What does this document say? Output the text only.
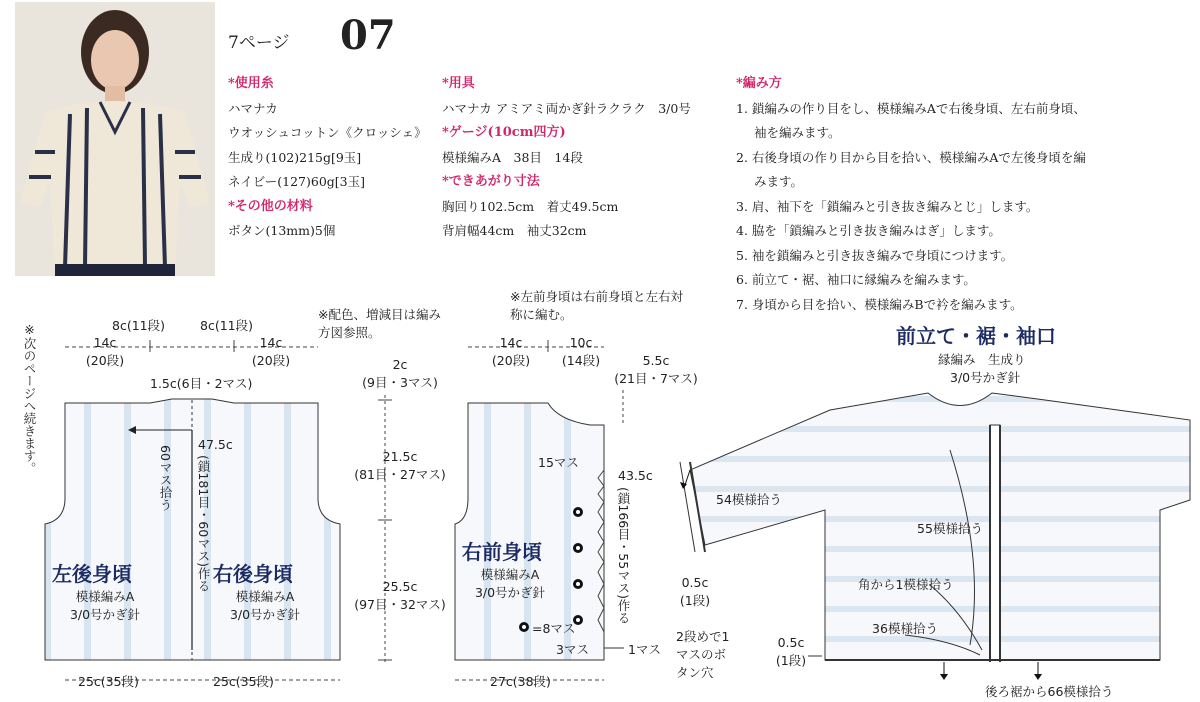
7ページ 07
*使用糸
ハマナカ
ウオッシュコットン《クロッシェ》
生成り(102)215g[9玉]
ネイビー(127)60g[3玉]
*その他の材料
ボタン(13mm)5個
*用具
ハマナカ アミアミ両かぎ針ラクラク　3/0号
*ゲージ(10cm四方)
模様編みA　38目　14段
*できあがり寸法
胸回り102.5cm　着丈49.5cm
背肩幅44cm　袖丈32cm
*編み方
1. 鎖編みの作り目をし、模様編みAで右後身頃、左右前身頃、袖を編みます。
2. 右後身頃の作り目から目を拾い、模様編みAで左後身頃を編みます。
3. 肩、袖下を「鎖編みと引き抜き編みとじ」します。
4. 脇を「鎖編みと引き抜き編みはぎ」します。
5. 袖を鎖編みと引き抜き編みで身頃につけます。
6. 前立て・裾、袖口に縁編みを編みます。
7. 身頃から目を拾い、模様編みBで衿を編みます。
※次のページへ続きます。
※配色、増減目は編み方図参照。
※左前身頃は右前身頃と左右対称に編む。
14c
(20段)
8c(11段)	8c(11段)
14c
(20段)
1.5c(6目・2マス)
60マス拾う
47.5c
(鎖181目・60マス)作る
左後身頃	右後身頃
模様編みA
3/0号かぎ針
模様編みA
3/0号かぎ針
25c(35段)	25c(35段)
2c
(9目・3マス)
21.5c
(81目・27マス)
25.5c
(97目・32マス)
14c
(20段)
10c
(14段)	5.5c
(21目・7マス)
15マス
43.5c
(鎖166目・55マス)作る
右前身頃
模様編みA
3/0号かぎ針
=8マス
3マス	1マス
2段めで1マスのボタン穴
27c(38段)
前立て・裾・袖口
縁編み　生成り
3/0号かぎ針
54模様拾う
55模様拾う
0.5c
(1段)
角から1模様拾う
36模様拾う
0.5c
(1段)
後ろ裾から66模様拾う
